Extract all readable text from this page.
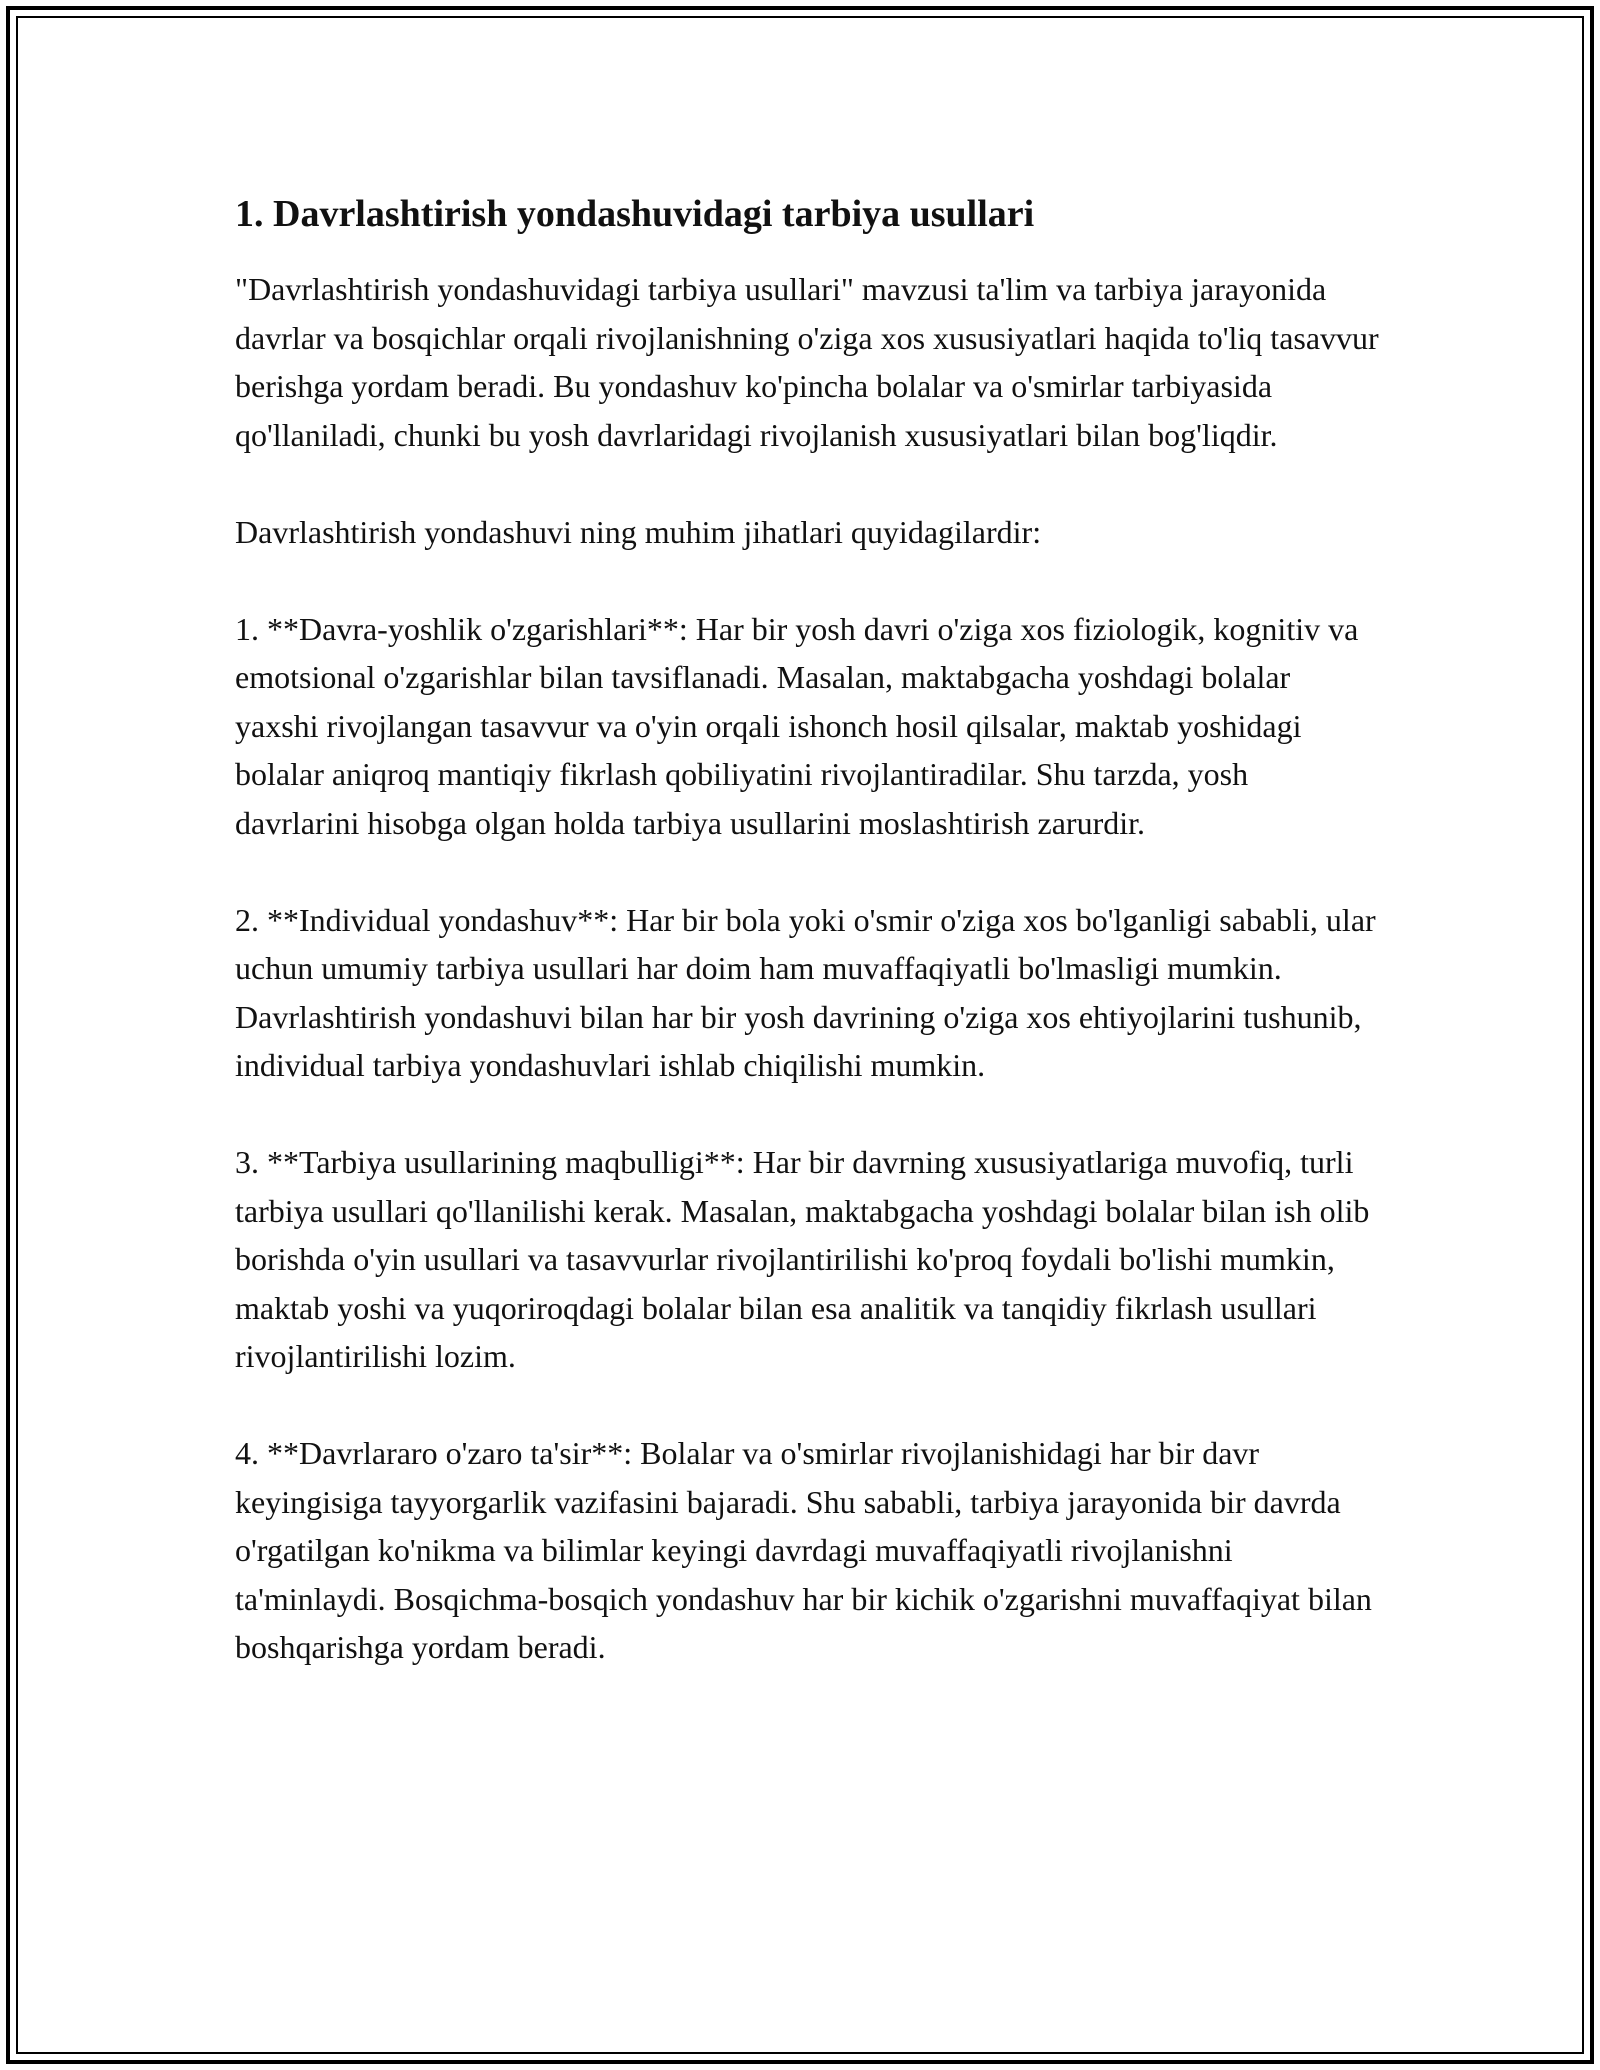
1. Davrlashtirish yondashuvidagi tarbiya usullari

"Davrlashtirish yondashuvidagi tarbiya usullari" mavzusi ta'lim va tarbiya jarayonida davrlar va bosqichlar orqali rivojlanishning o'ziga xos xususiyatlari haqida to'liq tasavvur berishga yordam beradi. Bu yondashuv ko'pincha bolalar va o'smirlar tarbiyasida qo'llaniladi, chunki bu yosh davrlaridagi rivojlanish xususiyatlari bilan bog'liqdir.

Davrlashtirish yondashuvi ning muhim jihatlari quyidagilardir:

1. **Davra-yoshlik o'zgarishlari**: Har bir yosh davri o'ziga xos fiziologik, kognitiv va emotsional o'zgarishlar bilan tavsiflanadi. Masalan, maktabgacha yoshdagi bolalar yaxshi rivojlangan tasavvur va o'yin orqali ishonch hosil qilsalar, maktab yoshidagi bolalar aniqroq mantiqiy fikrlash qobiliyatini rivojlantiradilar. Shu tarzda, yosh davrlarini hisobga olgan holda tarbiya usullarini moslashtirish zarurdir.

2. **Individual yondashuv**: Har bir bola yoki o'smir o'ziga xos bo'lganligi sababli, ular uchun umumiy tarbiya usullari har doim ham muvaffaqiyatli bo'lmasligi mumkin. Davrlashtirish yondashuvi bilan har bir yosh davrining o'ziga xos ehtiyojlarini tushunib, individual tarbiya yondashuvlari ishlab chiqilishi mumkin.

3. **Tarbiya usullarining maqbulligi**: Har bir davrning xususiyatlariga muvofiq, turli tarbiya usullari qo'llanilishi kerak. Masalan, maktabgacha yoshdagi bolalar bilan ish olib borishda o'yin usullari va tasavvurlar rivojlantirilishi ko'proq foydali bo'lishi mumkin, maktab yoshi va yuqoriroqdagi bolalar bilan esa analitik va tanqidiy fikrlash usullari rivojlantirilishi lozim.

4. **Davrlararo o'zaro ta'sir**: Bolalar va o'smirlar rivojlanishidagi har bir davr keyingisiga tayyorgarlik vazifasini bajaradi. Shu sababli, tarbiya jarayonida bir davrda o'rgatilgan ko'nikma va bilimlar keyingi davrdagi muvaffaqiyatli rivojlanishni ta'minlaydi. Bosqichma-bosqich yondashuv har bir kichik o'zgarishni muvaffaqiyat bilan boshqarishga yordam beradi.
